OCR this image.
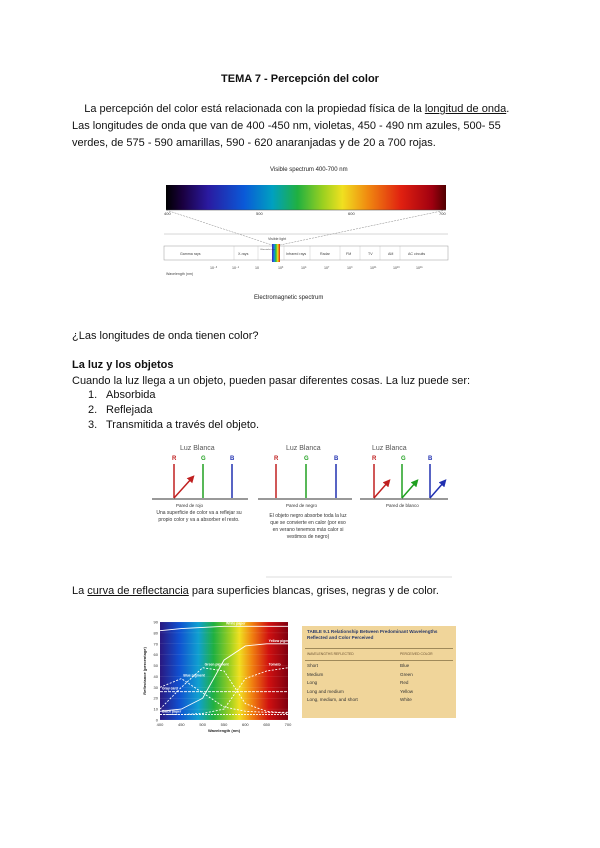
TEMA 7 - Percepción del color
La percepción del color está relacionada con la propiedad física de la longitud de onda.
Las longitudes de onda que van de 400 -450 nm, violetas, 450 - 490 nm azules, 500- 55
verdes, de 575 - 590 amarillas, 590 - 620 anaranjadas y de 20 a 700 rojas.
Visible spectrum 400-700 nm
400	500	600	700
Gamma rays	X-rays
Ultra-violet rays
Infrared rays	Radar	FM	TV	AM	AC circuits
Visible light
Wavelength (nm)
10⁻³	10⁻¹	10	10³	10⁵	10⁷	10⁹	10¹¹	10¹³	10¹⁵
Electromagnetic spectrum
¿Las longitudes de onda tienen color?
La luz y los objetos
Cuando la luz llega a un objeto, pueden pasar diferentes cosas. La luz puede ser:
1. Absorbida
2. Reflejada
3. Transmitida a través del objeto.
Luz Blanca
R	G	B
Pared de rojo
Una superficie de color va a reflejar su propio color y va a absorber el resto.
Luz Blanca
R	G	B
Pared de negro
El objeto negro absorbe toda la luz que se convierte en calor (por eso en verano tenemos más calor si vestimos de negro)
Luz Blanca
R	G	B
Pared de blanco
La curva de reflectancia para superficies blancas, grises, negras y de color.
0
10
20
30
40
50
60
70
80
90
400	450	500	550	600	650	700
Wavelength (nm)
Reflectance (percentage)
White paper
Green pigment
Yellow pigment
Tomato
Blue pigment
Gray card
Black paper
TABLE 9.1 Relationship Between Predominant Wavelengths Reflected and Color Perceived
WAVELENGTHS REFLECTED	PERCEIVED COLOR
Short	Blue
Medium	Green
Long	Red
Long and medium	Yellow
Long, medium, and short	White
